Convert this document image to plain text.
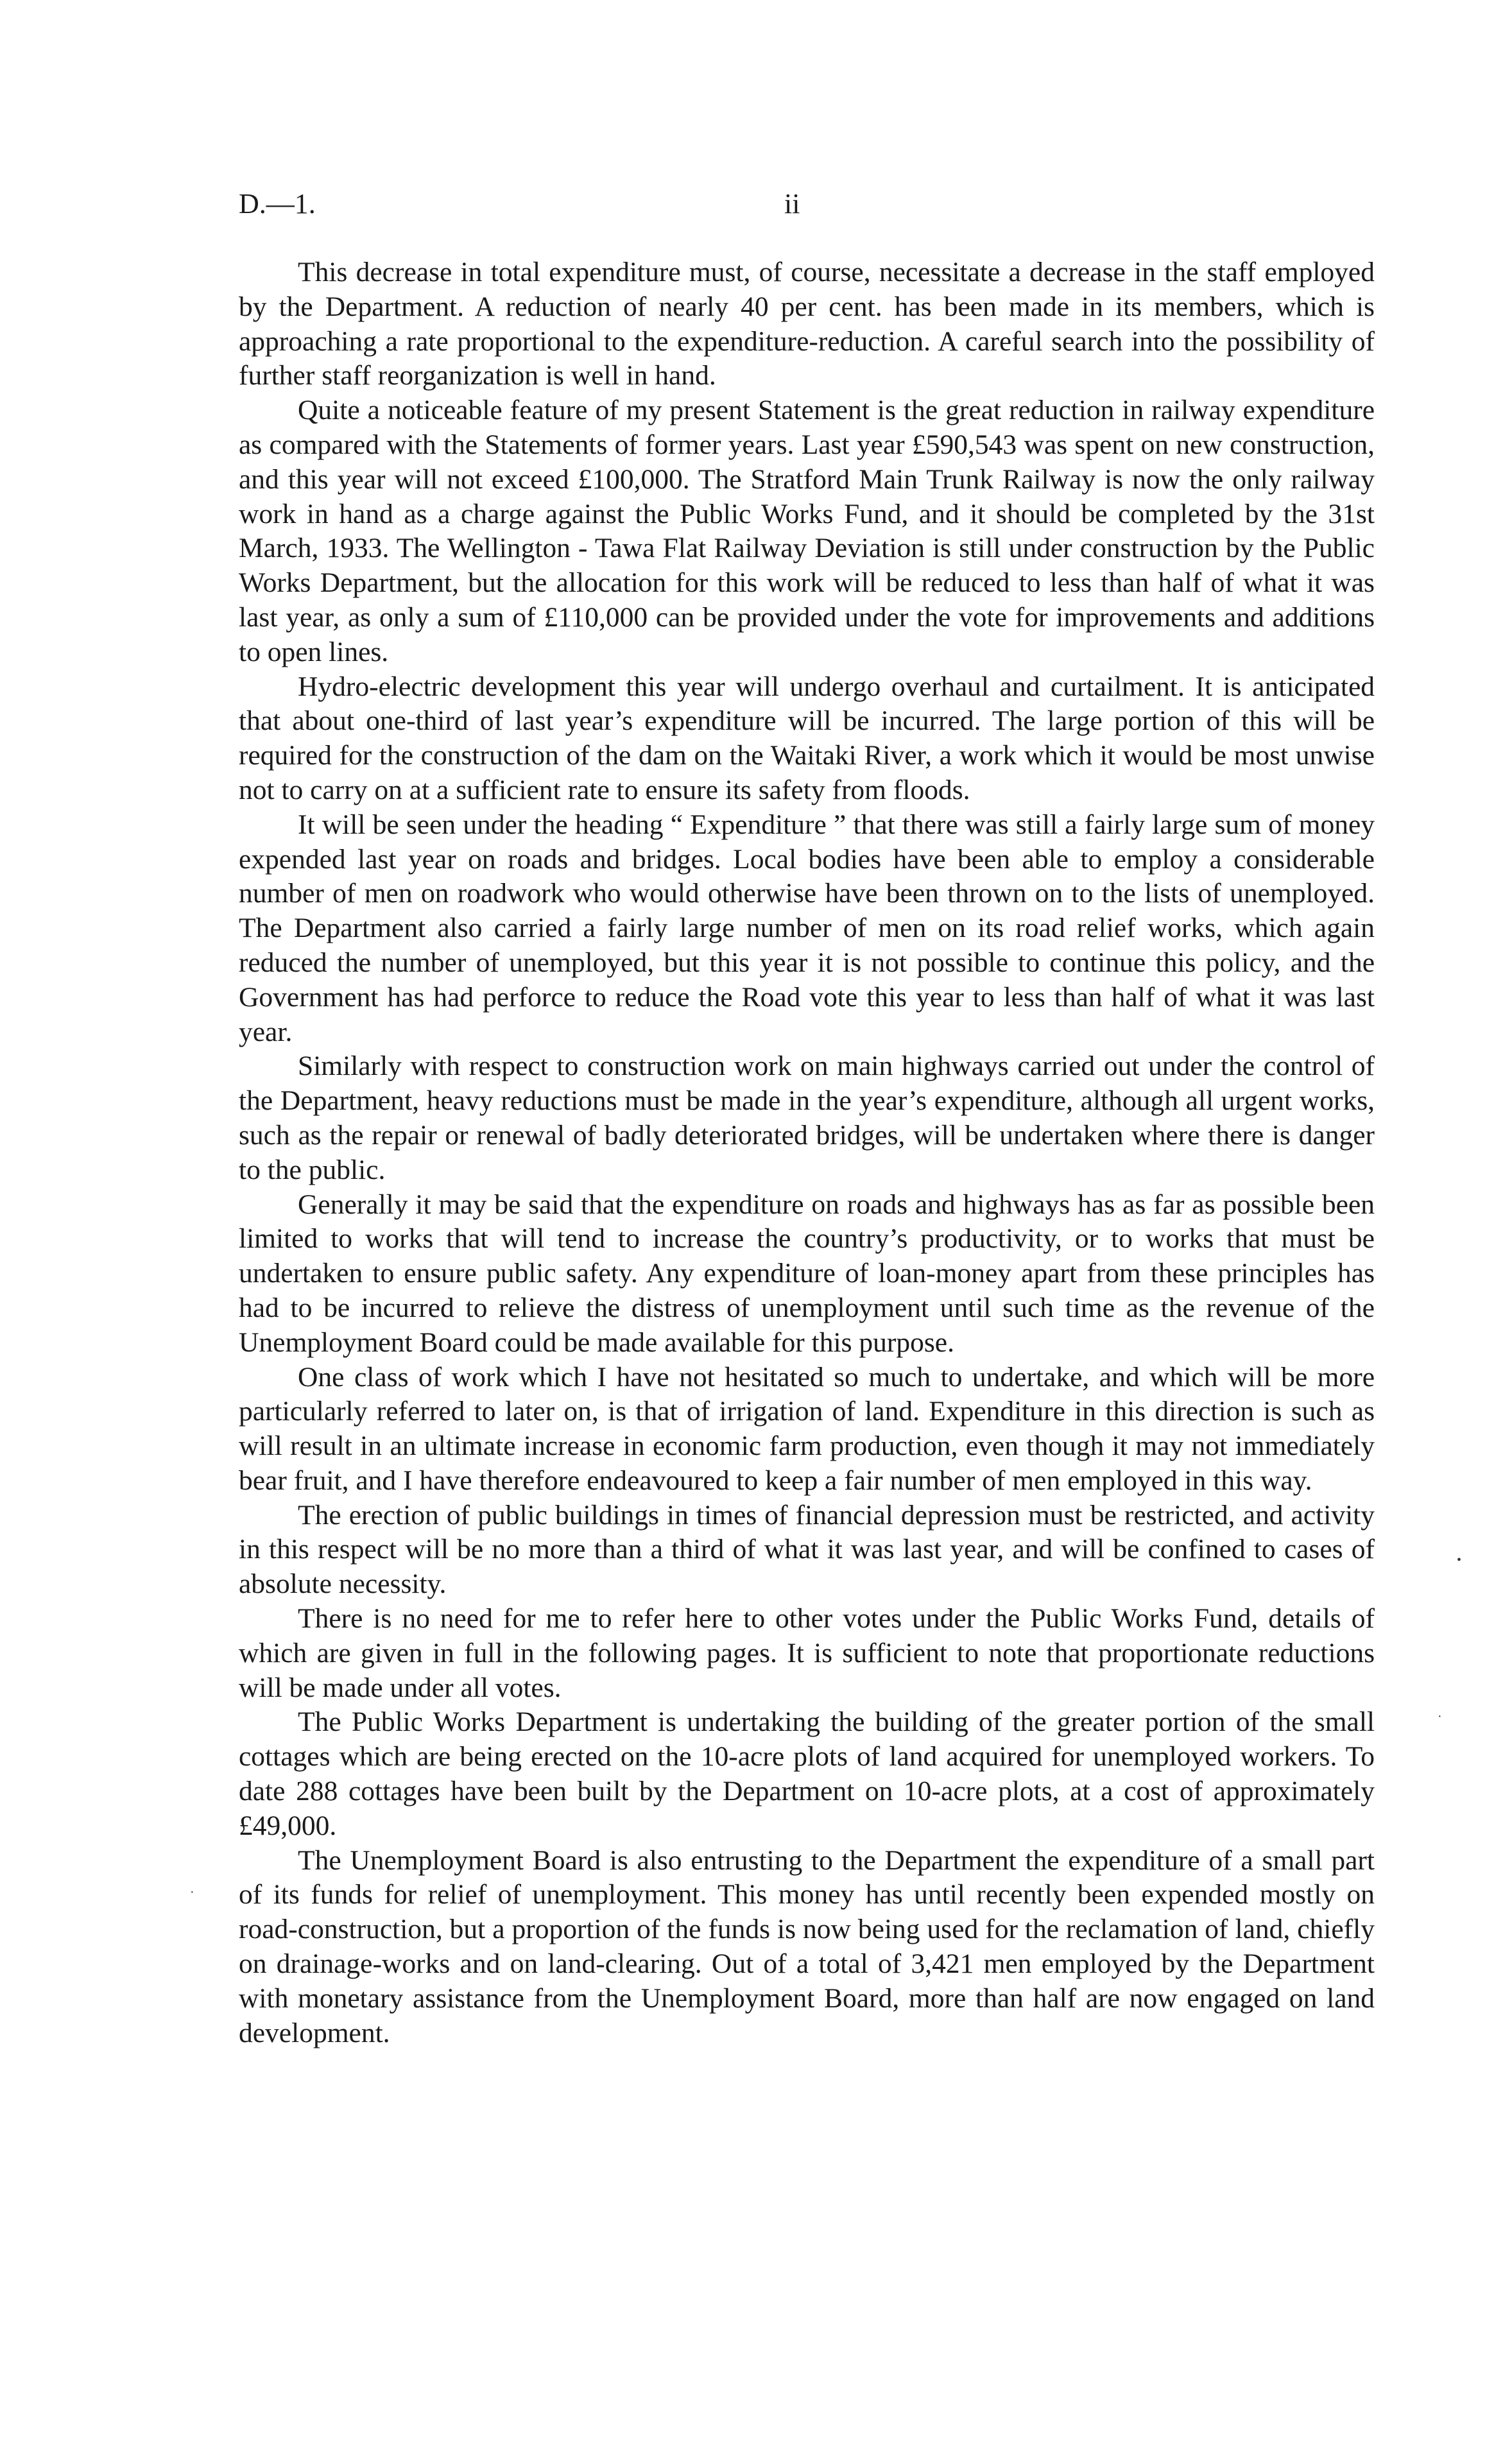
D.—1.	ii

This decrease in total expenditure must, of course, necessitate a decrease in the staff employed by the Department. A reduction of nearly 40 per cent. has been made in its members, which is approaching a rate proportional to the expenditure-reduction. A careful search into the possibility of further staff reorganization is well in hand.

Quite a noticeable feature of my present Statement is the great reduction in railway expenditure as compared with the Statements of former years. Last year £590,543 was spent on new construction, and this year will not exceed £100,000. The Stratford Main Trunk Railway is now the only railway work in hand as a charge against the Public Works Fund, and it should be completed by the 31st March, 1933. The Wellington - Tawa Flat Railway Deviation is still under construction by the Public Works Department, but the allocation for this work will be reduced to less than half of what it was last year, as only a sum of £110,000 can be provided under the vote for improvements and additions to open lines.

Hydro-electric development this year will undergo overhaul and curtailment. It is anticipated that about one-third of last year’s expenditure will be incurred. The large portion of this will be required for the construction of the dam on the Waitaki River, a work which it would be most unwise not to carry on at a sufficient rate to ensure its safety from floods.

It will be seen under the heading “ Expenditure ” that there was still a fairly large sum of money expended last year on roads and bridges. Local bodies have been able to employ a considerable number of men on roadwork who would otherwise have been thrown on to the lists of unemployed. The Department also carried a fairly large number of men on its road relief works, which again reduced the number of unemployed, but this year it is not possible to continue this policy, and the Government has had perforce to reduce the Road vote this year to less than half of what it was last year.

Similarly with respect to construction work on main highways carried out under the control of the Department, heavy reductions must be made in the year’s expenditure, although all urgent works, such as the repair or renewal of badly deteriorated bridges, will be undertaken where there is danger to the public.

Generally it may be said that the expenditure on roads and highways has as far as possible been limited to works that will tend to increase the country’s productivity, or to works that must be undertaken to ensure public safety. Any expenditure of loan-money apart from these principles has had to be incurred to relieve the distress of unemployment until such time as the revenue of the Unemployment Board could be made available for this purpose.

One class of work which I have not hesitated so much to undertake, and which will be more particularly referred to later on, is that of irrigation of land. Expenditure in this direction is such as will result in an ultimate increase in economic farm production, even though it may not immediately bear fruit, and I have therefore endeavoured to keep a fair number of men employed in this way.

The erection of public buildings in times of financial depression must be restricted, and activity in this respect will be no more than a third of what it was last year, and will be confined to cases of absolute necessity.

There is no need for me to refer here to other votes under the Public Works Fund, details of which are given in full in the following pages. It is sufficient to note that proportionate reductions will be made under all votes.

The Public Works Department is undertaking the building of the greater portion of the small cottages which are being erected on the 10-acre plots of land acquired for unemployed workers. To date 288 cottages have been built by the Department on 10-acre plots, at a cost of approximately £49,000.

The Unemployment Board is also entrusting to the Department the expenditure of a small part of its funds for relief of unemployment. This money has until recently been expended mostly on road-construction, but a proportion of the funds is now being used for the reclamation of land, chiefly on drainage-works and on land-clearing. Out of a total of 3,421 men employed by the Department with monetary assistance from the Unemployment Board, more than half are now engaged on land development.

•
·
·
